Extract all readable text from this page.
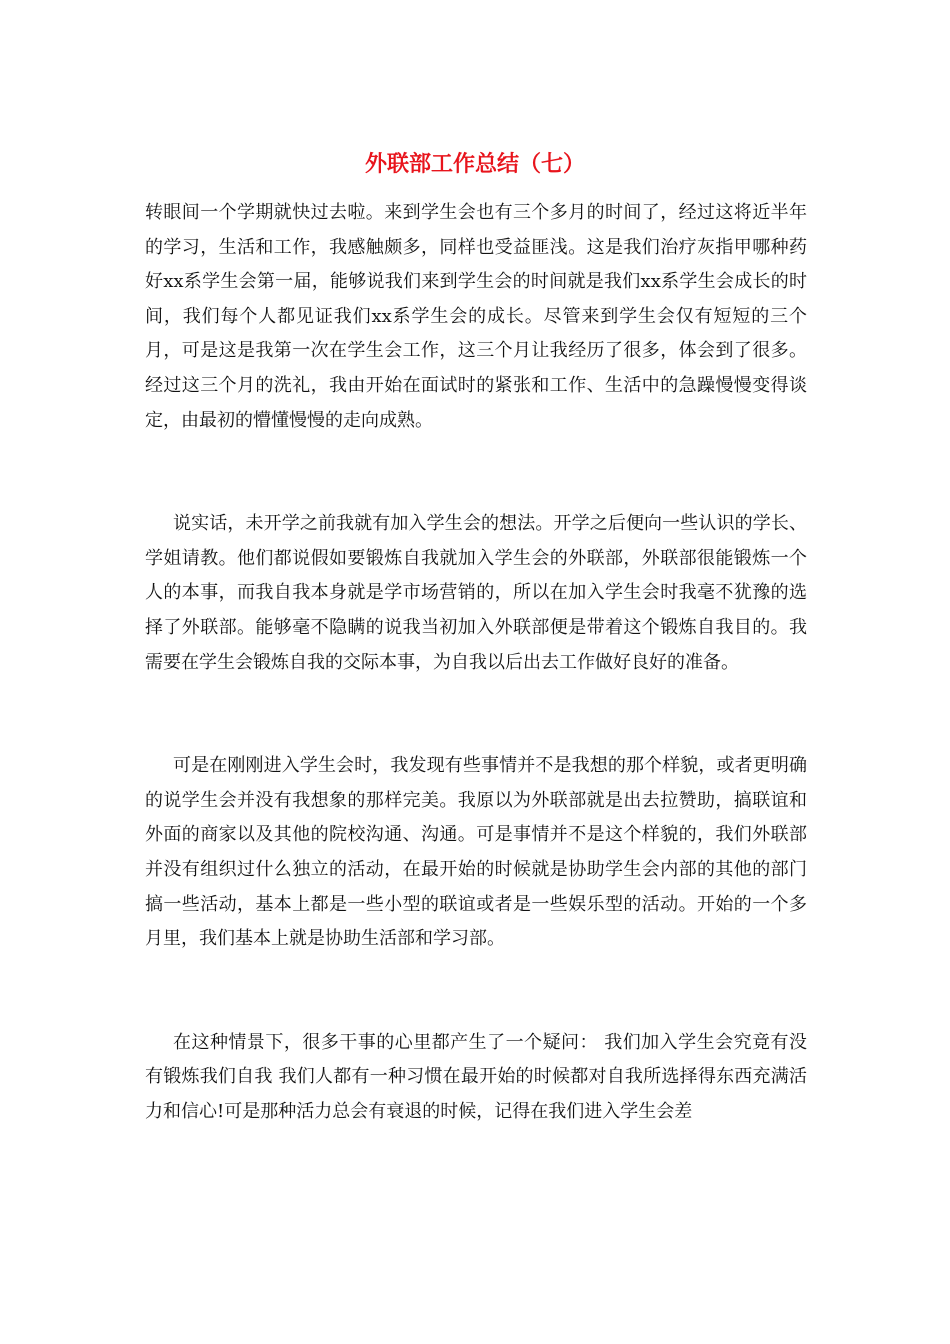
外联部工作总结（七）

转眼间一个学期就快过去啦。来到学生会也有三个多月的时间了，经过这将近半年的学习，生活和工作，我感触颇多，同样也受益匪浅。这是我们治疗灰指甲哪种药好xx系学生会第一届，能够说我们来到学生会的时间就是我们xx系学生会成长的时间，我们每个人都见证我们xx系学生会的成长。尽管来到学生会仅有短短的三个月，可是这是我第一次在学生会工作，这三个月让我经历了很多，体会到了很多。经过这三个月的洗礼，我由开始在面试时的紧张和工作、生活中的急躁慢慢变得谈定，由最初的懵懂慢慢的走向成熟。

说实话，未开学之前我就有加入学生会的想法。开学之后便向一些认识的学长、学姐请教。他们都说假如要锻炼自我就加入学生会的外联部，外联部很能锻炼一个人的本事，而我自我本身就是学市场营销的，所以在加入学生会时我毫不犹豫的选择了外联部。能够毫不隐瞒的说我当初加入外联部便是带着这个锻炼自我目的。我需要在学生会锻炼自我的交际本事，为自我以后出去工作做好良好的准备。

可是在刚刚进入学生会时，我发现有些事情并不是我想的那个样貌，或者更明确的说学生会并没有我想象的那样完美。我原以为外联部就是出去拉赞助，搞联谊和外面的商家以及其他的院校沟通、沟通。可是事情并不是这个样貌的，我们外联部并没有组织过什么独立的活动，在最开始的时候就是协助学生会内部的其他的部门搞一些活动，基本上都是一些小型的联谊或者是一些娱乐型的活动。开始的一个多月里，我们基本上就是协助生活部和学习部。

在这种情景下，很多干事的心里都产生了一个疑问： 我们加入学生会究竟有没有锻炼我们自我 我们人都有一种习惯在最开始的时候都对自我所选择得东西充满活力和信心!可是那种活力总会有衰退的时候，记得在我们进入学生会差
